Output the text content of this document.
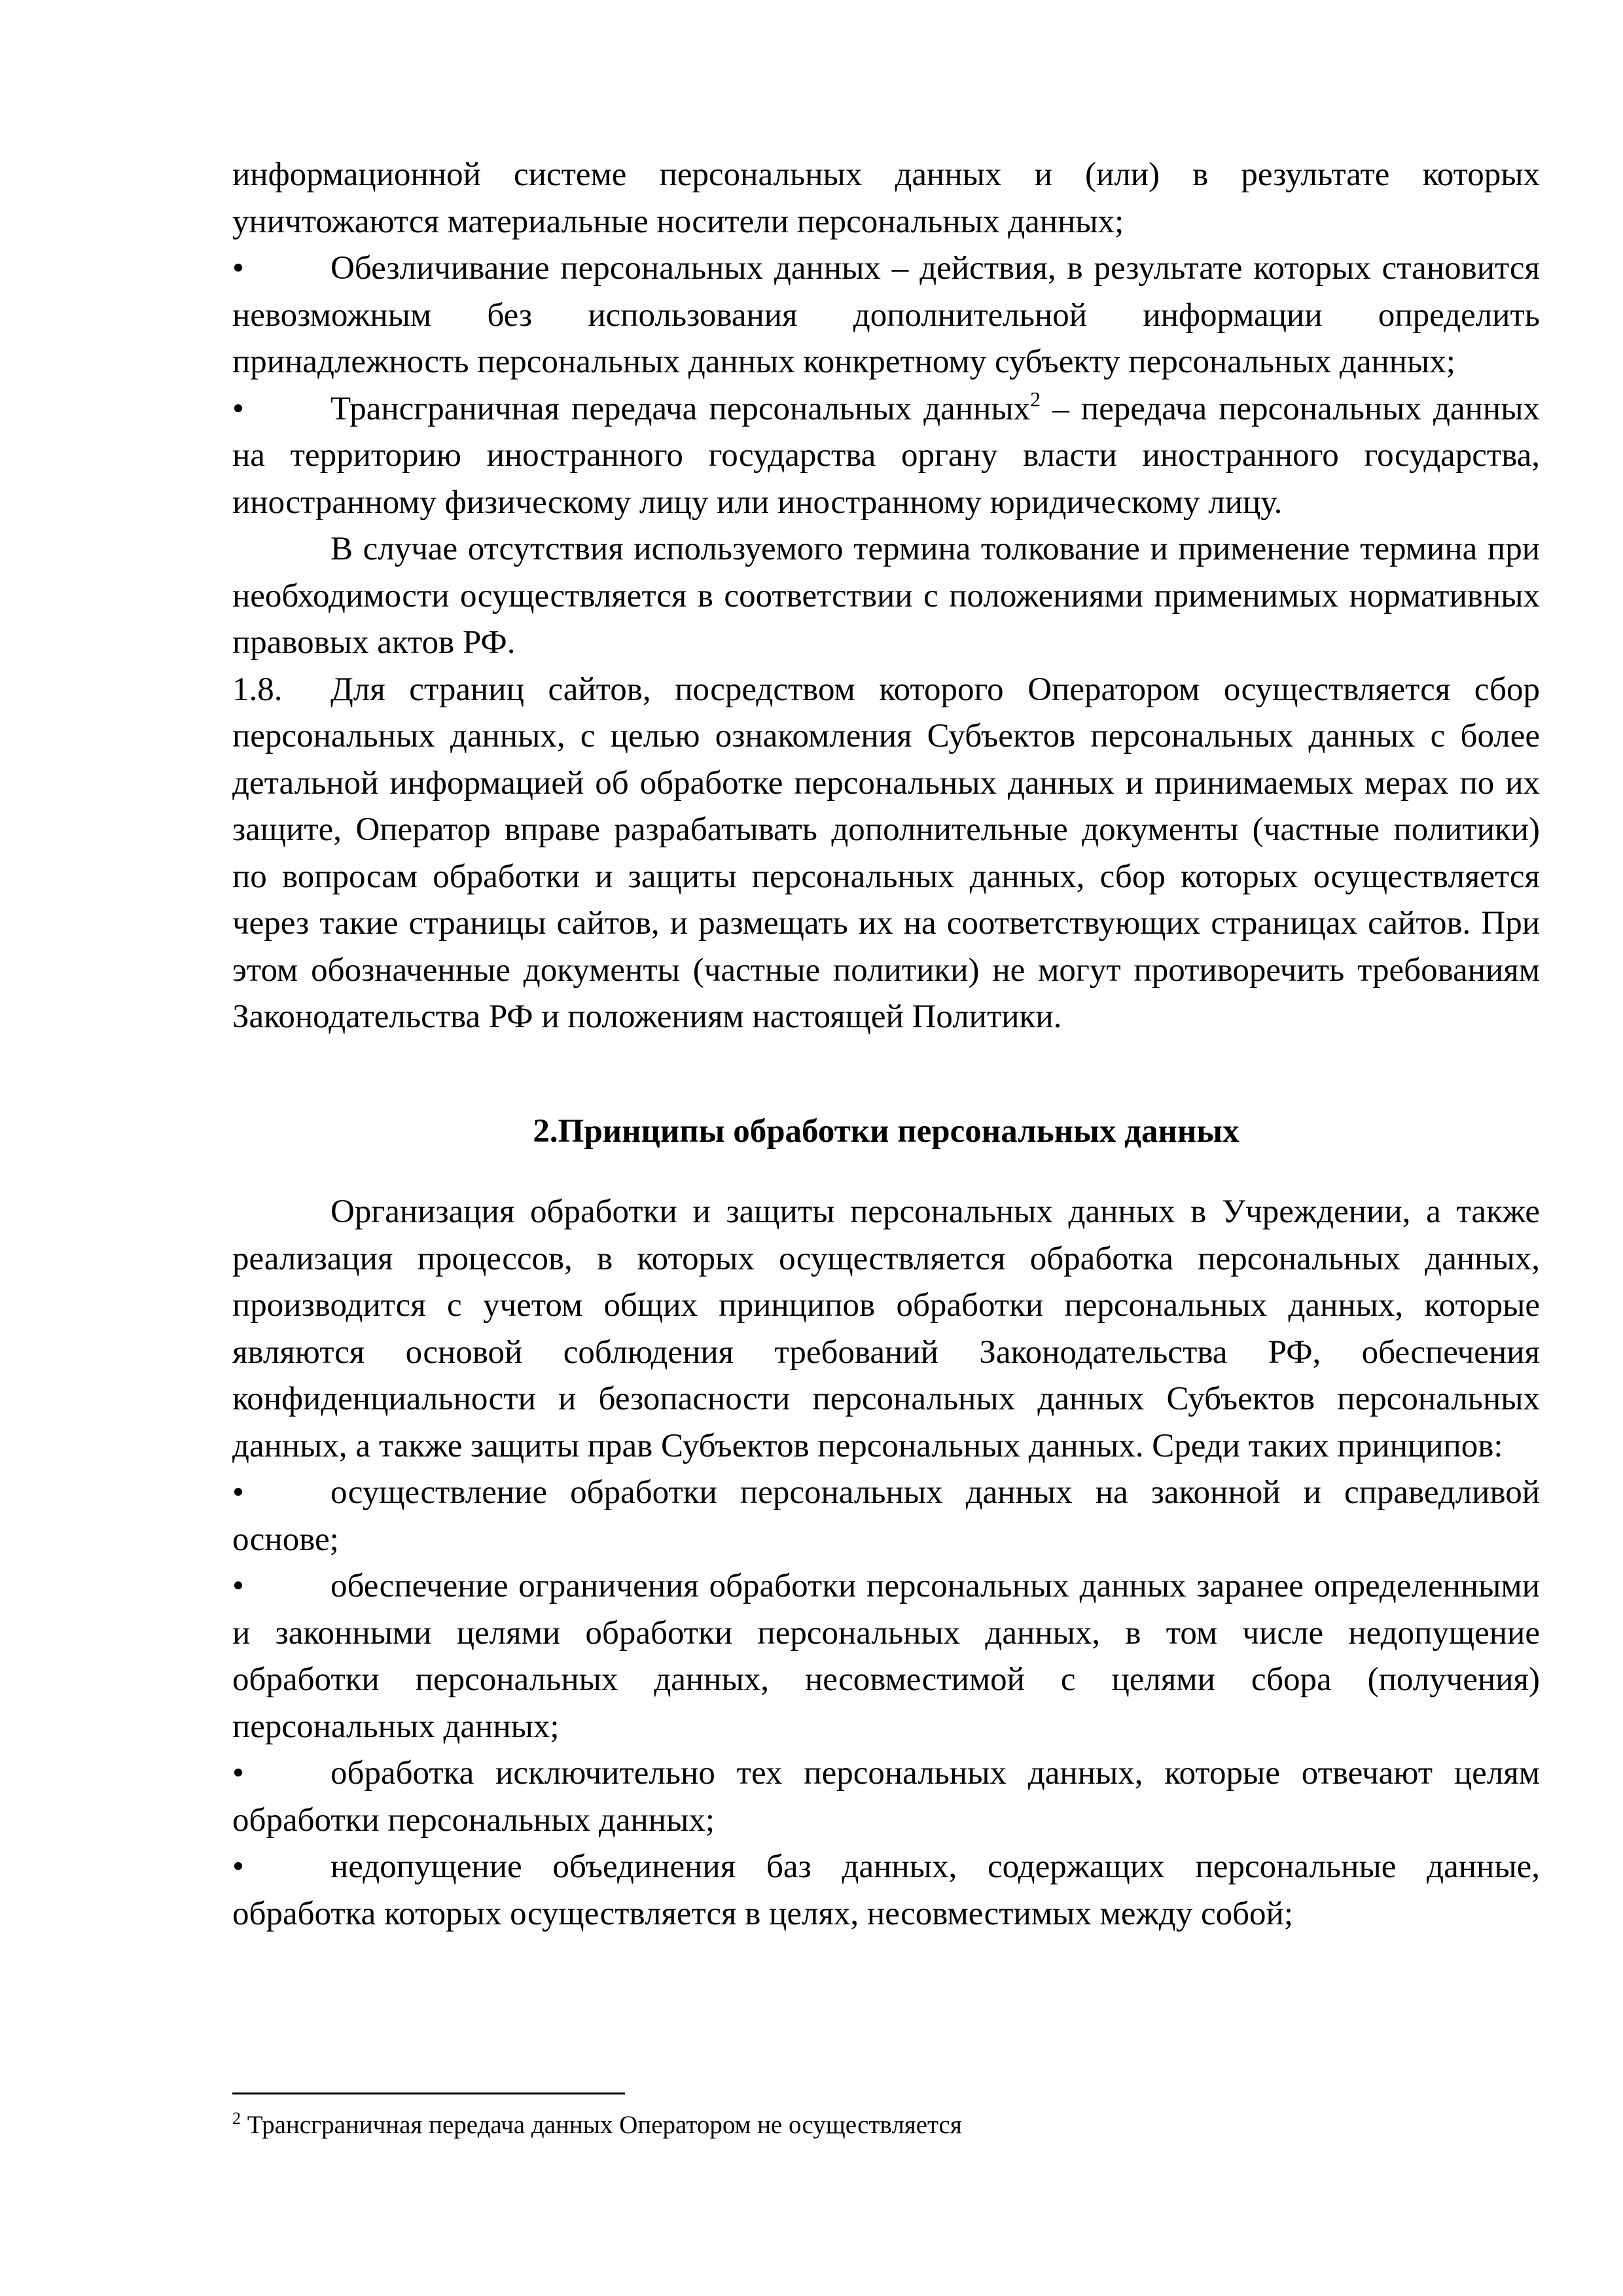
информационной системе персональных данных и (или) в результате которых уничтожаются материальные носители персональных данных;

•	Обезличивание персональных данных – действия, в результате которых становится невозможным без использования дополнительной информации определить принадлежность персональных данных конкретному субъекту персональных данных;

•	Трансграничная передача персональных данных$^2$ – передача персональных данных на территорию иностранного государства органу власти иностранного государства, иностранному физическому лицу или иностранному юридическому лицу.

В случае отсутствия используемого термина толкование и применение термина при необходимости осуществляется в соответствии с положениями применимых нормативных правовых актов РФ.

1.8. Для страниц сайтов, посредством которого Оператором осуществляется сбор персональных данных, с целью ознакомления Субъектов персональных данных с более детальной информацией об обработке персональных данных и принимаемых мерах по их защите, Оператор вправе разрабатывать дополнительные документы (частные политики) по вопросам обработки и защиты персональных данных, сбор которых осуществляется через такие страницы сайтов, и размещать их на соответствующих страницах сайтов. При этом обозначенные документы (частные политики) не могут противоречить требованиям Законодательства РФ и положениям настоящей Политики.

2.Принципы обработки персональных данных

Организация обработки и защиты персональных данных в Учреждении, а также реализация процессов, в которых осуществляется обработка персональных данных, производится с учетом общих принципов обработки персональных данных, которые являются основой соблюдения требований Законодательства РФ, обеспечения конфиденциальности и безопасности персональных данных Субъектов персональных данных, а также защиты прав Субъектов персональных данных. Среди таких принципов:

•	осуществление обработки персональных данных на законной и справедливой основе;

•	обеспечение ограничения обработки персональных данных заранее определенными и законными целями обработки персональных данных, в том числе недопущение обработки персональных данных, несовместимой с целями сбора (получения) персональных данных;

•	обработка исключительно тех персональных данных, которые отвечают целям обработки персональных данных;

•	недопущение объединения баз данных, содержащих персональные данные, обработка которых осуществляется в целях, несовместимых между собой;

$^2$ Трансграничная передача данных Оператором не осуществляется
